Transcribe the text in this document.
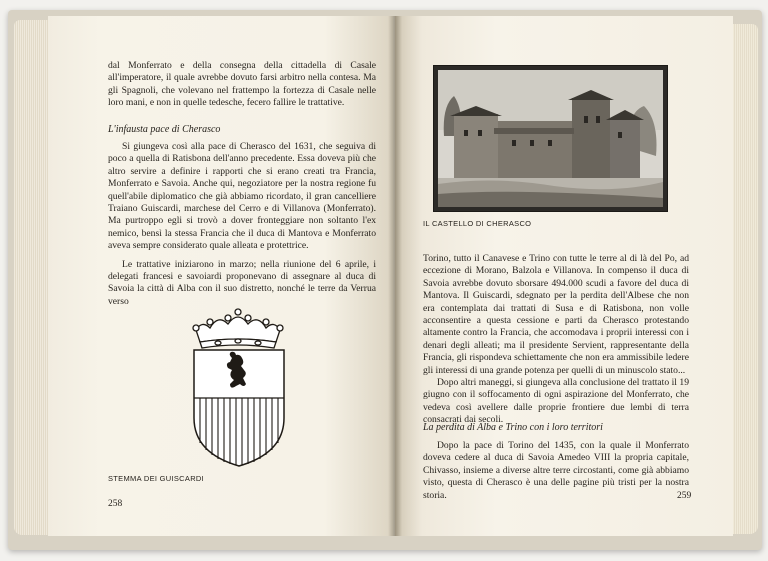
dal Monferrato e della consegna della cittadella di Casale all'imperatore, il quale avrebbe dovuto farsi arbitro nella contesa. Ma gli Spagnoli, che volevano nel frattempo la fortezza di Casale nelle loro mani, e non in quelle tedesche, fecero fallire le trattative.

L'infausta pace di Cherasco

Si giungeva così alla pace di Cherasco del 1631, che seguiva di poco a quella di Ratisbona dell'anno precedente. Essa doveva più che altro servire a definire i rapporti che si erano creati tra Francia, Monferrato e Savoia. Anche qui, negoziatore per la nostra regione fu quell'abile diplomatico che già abbiamo ricordato, il gran cancelliere Traiano Guiscardi, marchese del Cerro e di Villanova (Monferrato). Ma purtroppo egli si trovò a dover fronteggiare non soltanto l'ex nemico, bensì la stessa Francia che il duca di Mantova e Monferrato aveva sempre considerato quale alleata e protettrice.

Le trattative iniziarono in marzo; nella riunione del 6 aprile, i delegati francesi e savoiardi proponevano di assegnare al duca di Savoia la città di Alba con il suo distretto, nonché le terre da Verrua verso

STEMMA DEI GUISCARDI
258
IL CASTELLO DI CHERASCO

Torino, tutto il Canavese e Trino con tutte le terre al di là del Po, ad eccezione di Morano, Balzola e Villanova. In compenso il duca di Savoia avrebbe dovuto sborsare 494.000 scudi a favore del duca di Mantova. Il Guiscardi, sdegnato per la perdita dell'Albese che non era contemplata dai trattati di Susa e di Ratisbona, non volle acconsentire a questa cessione e parti da Cherasco protestando altamente contro la Francia, che accomodava i proprii interessi con i denari degli alleati; ma il presidente Servient, rappresentante della Francia, gli rispondeva schiettamente che non era ammissibile ledere gli interessi di una grande potenza per quelli di un minuscolo stato...

Dopo altri maneggi, si giungeva alla conclusione del trattato il 19 giugno con il soffocamento di ogni aspirazione del Monferrato, che vedeva così avellere dalle proprie frontiere due lembi di terra consacrati dai secoli.

La perdita di Alba e Trino con i loro territori

Dopo la pace di Torino del 1435, con la quale il Monferrato doveva cedere al duca di Savoia Amedeo VIII la propria capitale, Chivasso, insieme a diverse altre terre circostanti, come già abbiamo visto, questa di Cherasco è una delle pagine più tristi per la nostra storia.	259
